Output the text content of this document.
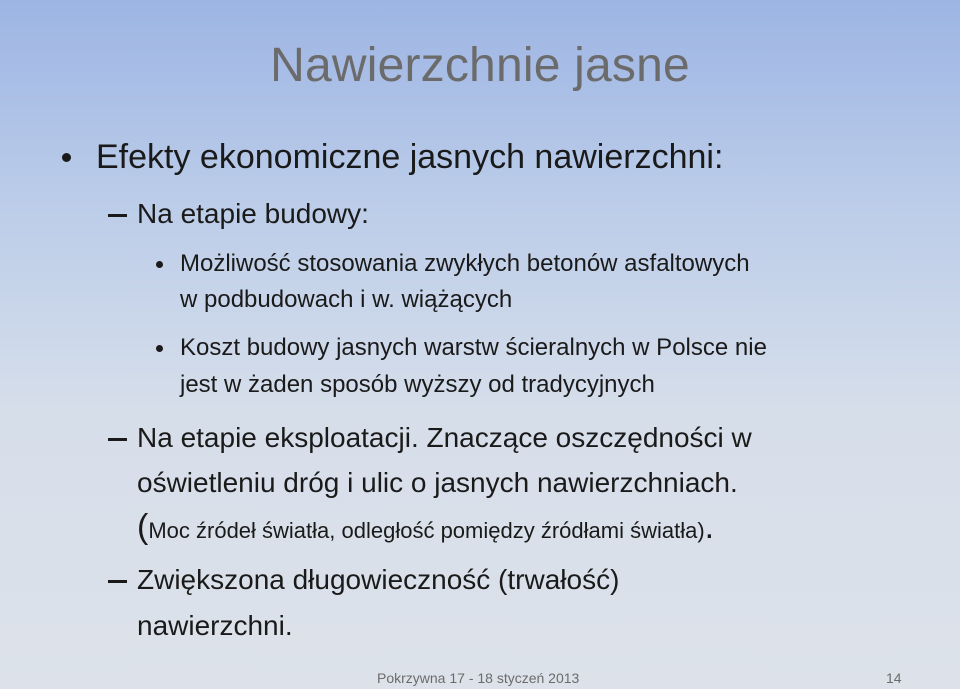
Nawierzchnie jasne
Efekty ekonomiczne jasnych nawierzchni:
Na etapie budowy:
Możliwość stosowania zwykłych betonów asfaltowych
w podbudowach i w. wiążących
Koszt budowy jasnych warstw ścieralnych w Polsce nie
jest w żaden sposób wyższy od tradycyjnych
Na etapie eksploatacji. Znaczące oszczędności w
oświetleniu dróg i ulic o jasnych nawierzchniach.
(Moc źródeł światła, odległość pomiędzy źródłami światła).
Zwiększona długowieczność (trwałość)
nawierzchni.
Pokrzywna 17 - 18 styczeń 2013	14
